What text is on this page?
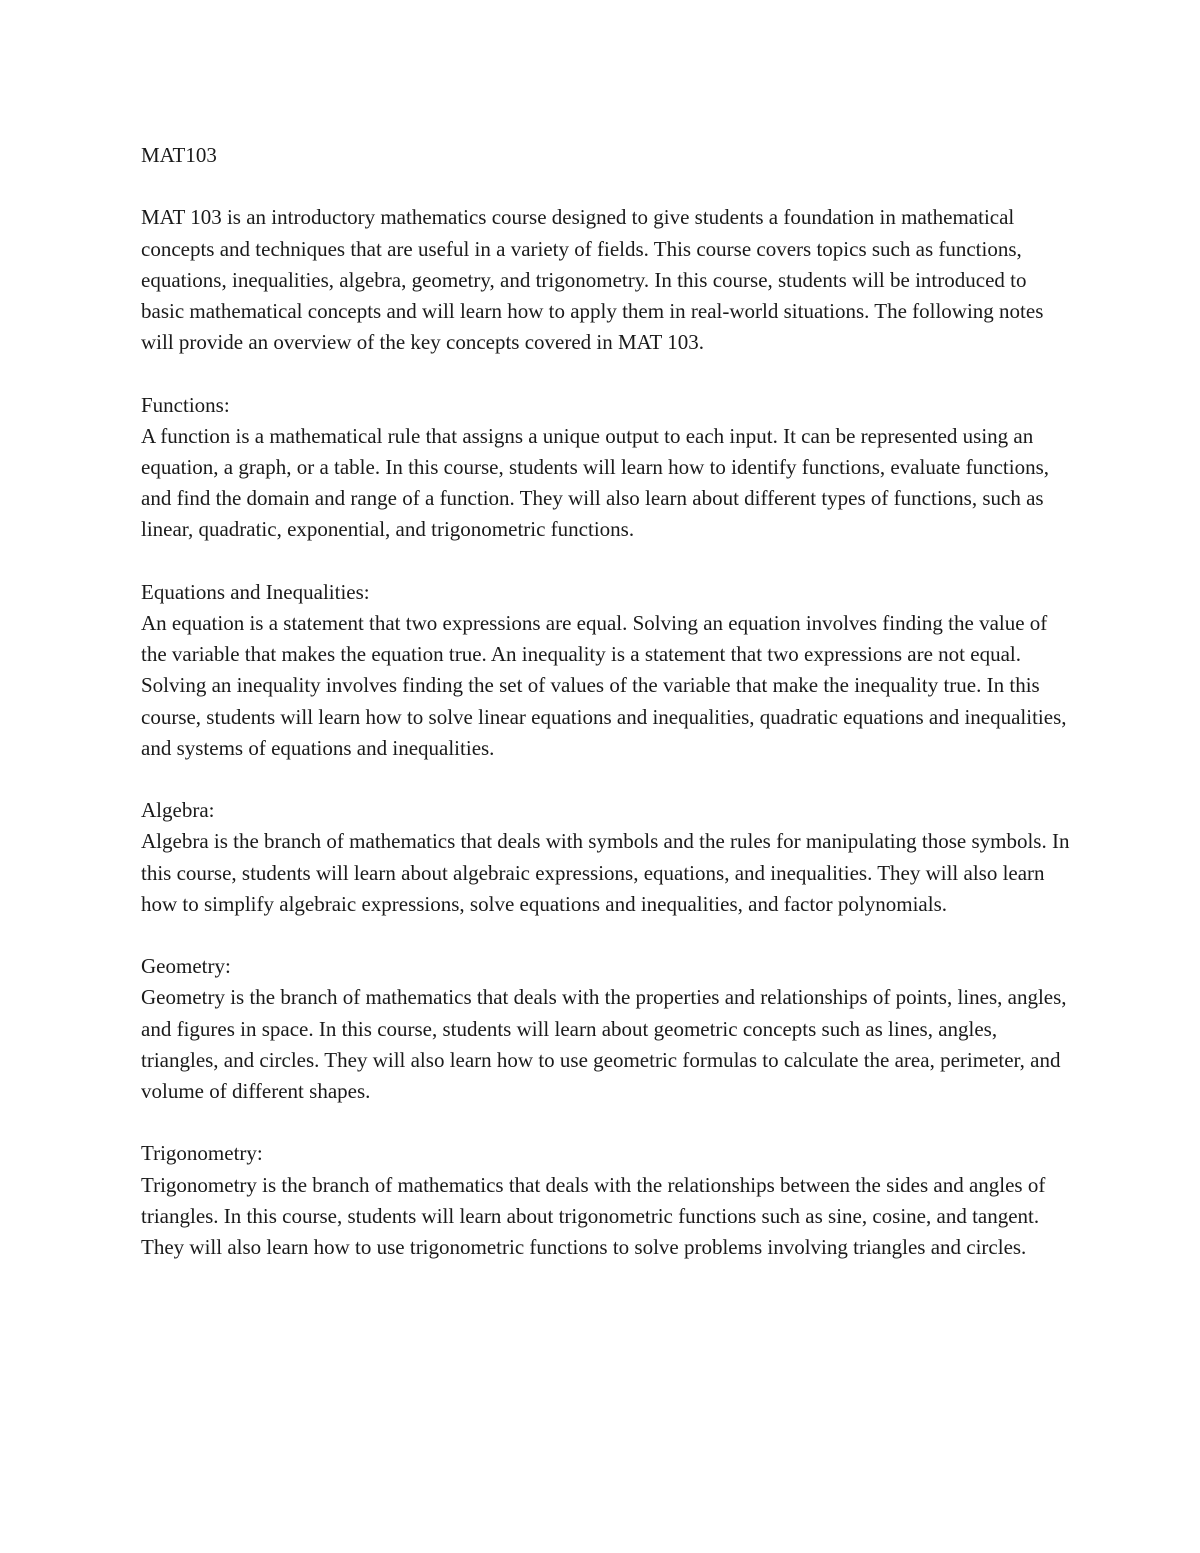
MAT103

MAT 103 is an introductory mathematics course designed to give students a foundation in mathematical concepts and techniques that are useful in a variety of fields. This course covers topics such as functions, equations, inequalities, algebra, geometry, and trigonometry. In this course, students will be introduced to basic mathematical concepts and will learn how to apply them in real-world situations. The following notes will provide an overview of the key concepts covered in MAT 103.

Functions:

A function is a mathematical rule that assigns a unique output to each input. It can be represented using an equation, a graph, or a table. In this course, students will learn how to identify functions, evaluate functions, and find the domain and range of a function. They will also learn about different types of functions, such as linear, quadratic, exponential, and trigonometric functions.

Equations and Inequalities:

An equation is a statement that two expressions are equal. Solving an equation involves finding the value of the variable that makes the equation true. An inequality is a statement that two expressions are not equal. Solving an inequality involves finding the set of values of the variable that make the inequality true. In this course, students will learn how to solve linear equations and inequalities, quadratic equations and inequalities, and systems of equations and inequalities.

Algebra:

Algebra is the branch of mathematics that deals with symbols and the rules for manipulating those symbols. In this course, students will learn about algebraic expressions, equations, and inequalities. They will also learn how to simplify algebraic expressions, solve equations and inequalities, and factor polynomials.

Geometry:

Geometry is the branch of mathematics that deals with the properties and relationships of points, lines, angles, and figures in space. In this course, students will learn about geometric concepts such as lines, angles, triangles, and circles. They will also learn how to use geometric formulas to calculate the area, perimeter, and volume of different shapes.

Trigonometry:

Trigonometry is the branch of mathematics that deals with the relationships between the sides and angles of triangles. In this course, students will learn about trigonometric functions such as sine, cosine, and tangent. They will also learn how to use trigonometric functions to solve problems involving triangles and circles.
